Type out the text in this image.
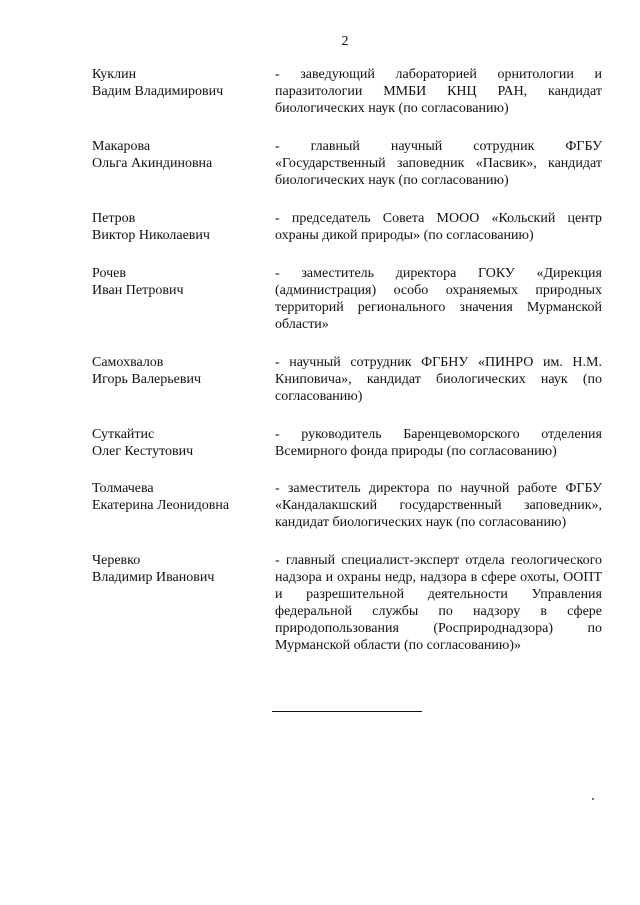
2
Куклин
Вадим Владимирович
- заведующий лабораторией орнитологии и паразитологии ММБИ КНЦ РАН, кандидат биологических наук (по согласованию)
Макарова
Ольга Акиндиновна
- главный научный сотрудник ФГБУ «Государственный заповедник «Пасвик», кандидат биологических наук (по согласованию)
Петров
Виктор Николаевич
- председатель Совета МООО «Кольский центр охраны дикой природы» (по согласованию)
Рочев
Иван Петрович
- заместитель директора ГОКУ «Дирекция (администрация) особо охраняемых природных территорий регионального значения Мурманской области»
Самохвалов
Игорь Валерьевич
- научный сотрудник ФГБНУ «ПИНРО им. Н.М. Книповича», кандидат биологических наук (по согласованию)
Суткайтис
Олег Кестутович
- руководитель Баренцевоморского отделения Всемирного фонда природы (по согласованию)
Толмачева
Екатерина Леонидовна
- заместитель директора по научной работе ФГБУ «Кандалакшский государственный заповедник», кандидат биологических наук (по согласованию)
Черевко
Владимир Иванович
- главный специалист-эксперт отдела геологического надзора и охраны недр, надзора в сфере охоты, ООПТ и разрешительной деятельности Управления федеральной службы по надзору в сфере природопользования (Росприроднадзора) по Мурманской области (по согласованию)»
